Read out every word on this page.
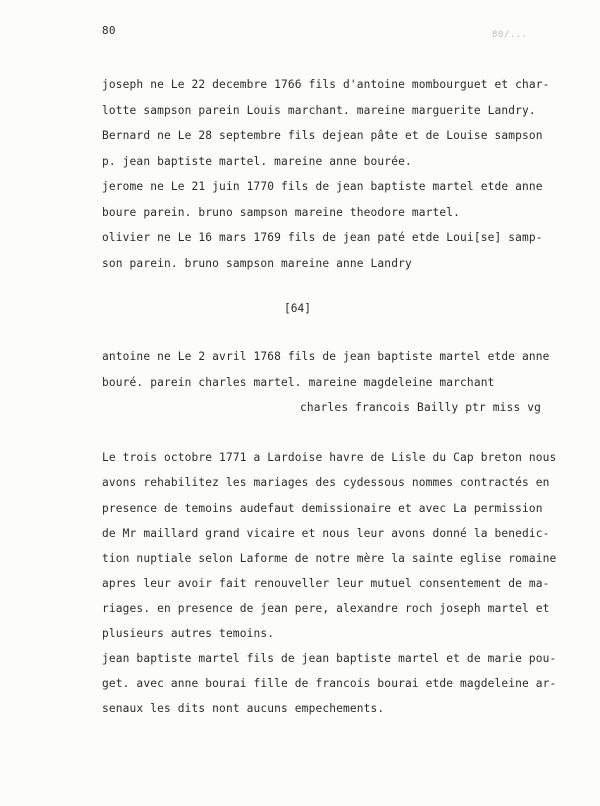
80	80/...
joseph ne Le 22 decembre 1766 fils d'antoine mombourguet et char-
lotte sampson parein Louis marchant. mareine marguerite Landry.
Bernard ne Le 28 septembre fils dejean pâte et de Louise sampson
p. jean baptiste martel. mareine anne bourée.
jerome ne Le 21 juin 1770 fils de jean baptiste martel etde anne
boure parein. bruno sampson mareine theodore martel.
olivier ne Le 16 mars 1769 fils de jean paté etde Loui[se] samp-
son parein. bruno sampson mareine anne Landry
[64]
antoine ne Le 2 avril 1768 fils de jean baptiste martel etde anne
bouré. parein charles martel. mareine magdeleine marchant
charles francois Bailly ptr miss vg
Le trois octobre 1771 a Lardoise havre de Lisle du Cap breton nous
avons rehabilitez les mariages des cydessous nommes contractés en
presence de temoins audefaut demissionaire et avec La permission
de Mr maillard grand vicaire et nous leur avons donné la benedic-
tion nuptiale selon Laforme de notre mère la sainte eglise romaine
apres leur avoir fait renouveller leur mutuel consentement de ma-
riages. en presence de jean pere, alexandre roch joseph martel et
plusieurs autres temoins.
jean baptiste martel fils de jean baptiste martel et de marie pou-
get. avec anne bourai fille de francois bourai etde magdeleine ar-
senaux les dits nont aucuns empechements.
